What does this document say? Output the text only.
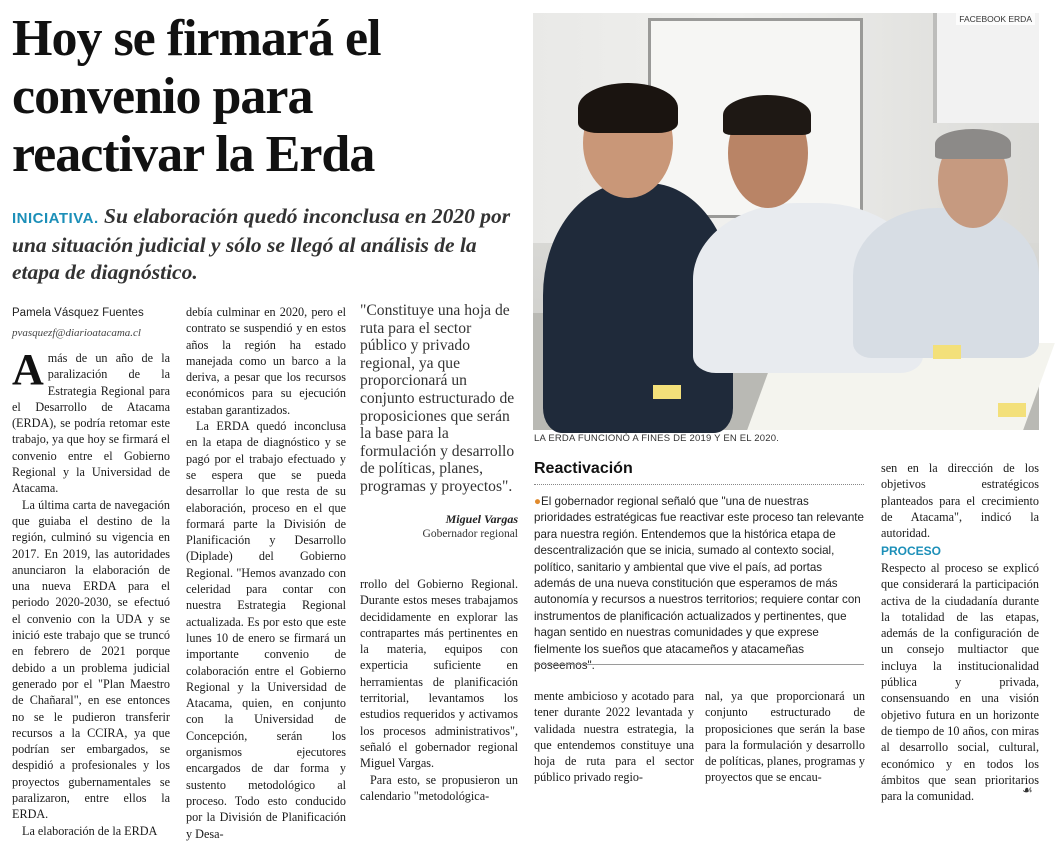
Hoy se firmará el convenio para reactivar la Erda
INICIATIVA. Su elaboración quedó inconclusa en 2020 por una situación judicial y sólo se llegó al análisis de la etapa de diagnóstico.
Pamela Vásquez Fuentes
pvasquezf@diarioatacama.cl

Amás de un año de la paralización de la Estrategia Regional para el Desarrollo de Atacama (ERDA), se podría retomar este trabajo, ya que hoy se firmará el convenio entre el Gobierno Regional y la Universidad de Atacama.

La última carta de navegación que guiaba el destino de la región, culminó su vigencia en 2017. En 2019, las autoridades anunciaron la elaboración de una nueva ERDA para el periodo 2020-2030, se efectuó el convenio con la UDA y se inició este trabajo que se truncó en febrero de 2021 porque debido a un problema judicial generado por el "Plan Maestro de Chañaral", en ese entonces no se le pudieron transferir recursos a la CCIRA, ya que podrían ser embargados, se despidió a profesionales y los proyectos gubernamentales se paralizaron, entre ellos la ERDA.

La elaboración de la ERDA

debía culminar en 2020, pero el contrato se suspendió y en estos años la región ha estado manejada como un barco a la deriva, a pesar que los recursos económicos para su ejecución estaban garantizados.

La ERDA quedó inconclusa en la etapa de diagnóstico y se pagó por el trabajo efectuado y se espera que se pueda desarrollar lo que resta de su elaboración, proceso en el que formará parte la División de Planificación y Desarrollo (Diplade) del Gobierno Regional. "Hemos avanzado con celeridad para contar con nuestra Estrategia Regional actualizada. Es por esto que este lunes 10 de enero se firmará un importante convenio de colaboración entre el Gobierno Regional y la Universidad de Atacama, quien, en conjunto con la Universidad de Concepción, serán los organismos ejecutores encargados de dar forma y sustento metodológico al proceso. Todo esto conducido por la División de Planificación y Desa-

"Constituye una hoja de ruta para el sector público y privado regional, ya que proporcionará un conjunto estructurado de proposiciones que serán la base para la formulación y desarrollo de políticas, planes, programas y proyectos".
Miguel Vargas
Gobernador regional

rrollo del Gobierno Regional. Durante estos meses trabajamos decididamente en explorar las contrapartes más pertinentes en la materia, equipos con experticia suficiente en herramientas de planificación territorial, levantamos los estudios requeridos y activamos los procesos administrativos", señaló el gobernador regional Miguel Vargas.

Para esto, se propusieron un calendario "metodológica-

FACEBOOK ERDA
LA ERDA FUNCIONÓ A FINES DE 2019 Y EN EL 2020.
Reactivación
●El gobernador regional señaló que "una de nuestras prioridades estratégicas fue reactivar este proceso tan relevante para nuestra región. Entendemos que la histórica etapa de descentralización que se inicia, sumado al contexto social, político, sanitario y ambiental que vive el país, ad portas además de una nueva constitución que esperamos de más autonomía y recursos a nuestros territorios; requiere contar con instrumentos de planificación actualizados y pertinentes, que hagan sentido en nuestras comunidades y que exprese fielmente los sueños que atacameños y atacameñas poseemos".

mente ambicioso y acotado para tener durante 2022 levantada y validada nuestra estrategia, la que entendemos constituye una hoja de ruta para el sector público privado regio-

nal, ya que proporcionará un conjunto estructurado de proposiciones que serán la base para la formulación y desarrollo de políticas, planes, programas y proyectos que se encau-

sen en la dirección de los objetivos estratégicos planteados para el crecimiento de Atacama", indicó la autoridad.

PROCESO

Respecto al proceso se explicó que considerará la participación activa de la ciudadanía durante la totalidad de las etapas, además de la configuración de un consejo multiactor que incluya la institucionalidad pública y privada, consensuando en una visión objetivo futura en un horizonte de tiempo de 10 años, con miras al desarrollo social, cultural, económico y en todos los ámbitos que sean prioritarios para la comunidad.	☙
